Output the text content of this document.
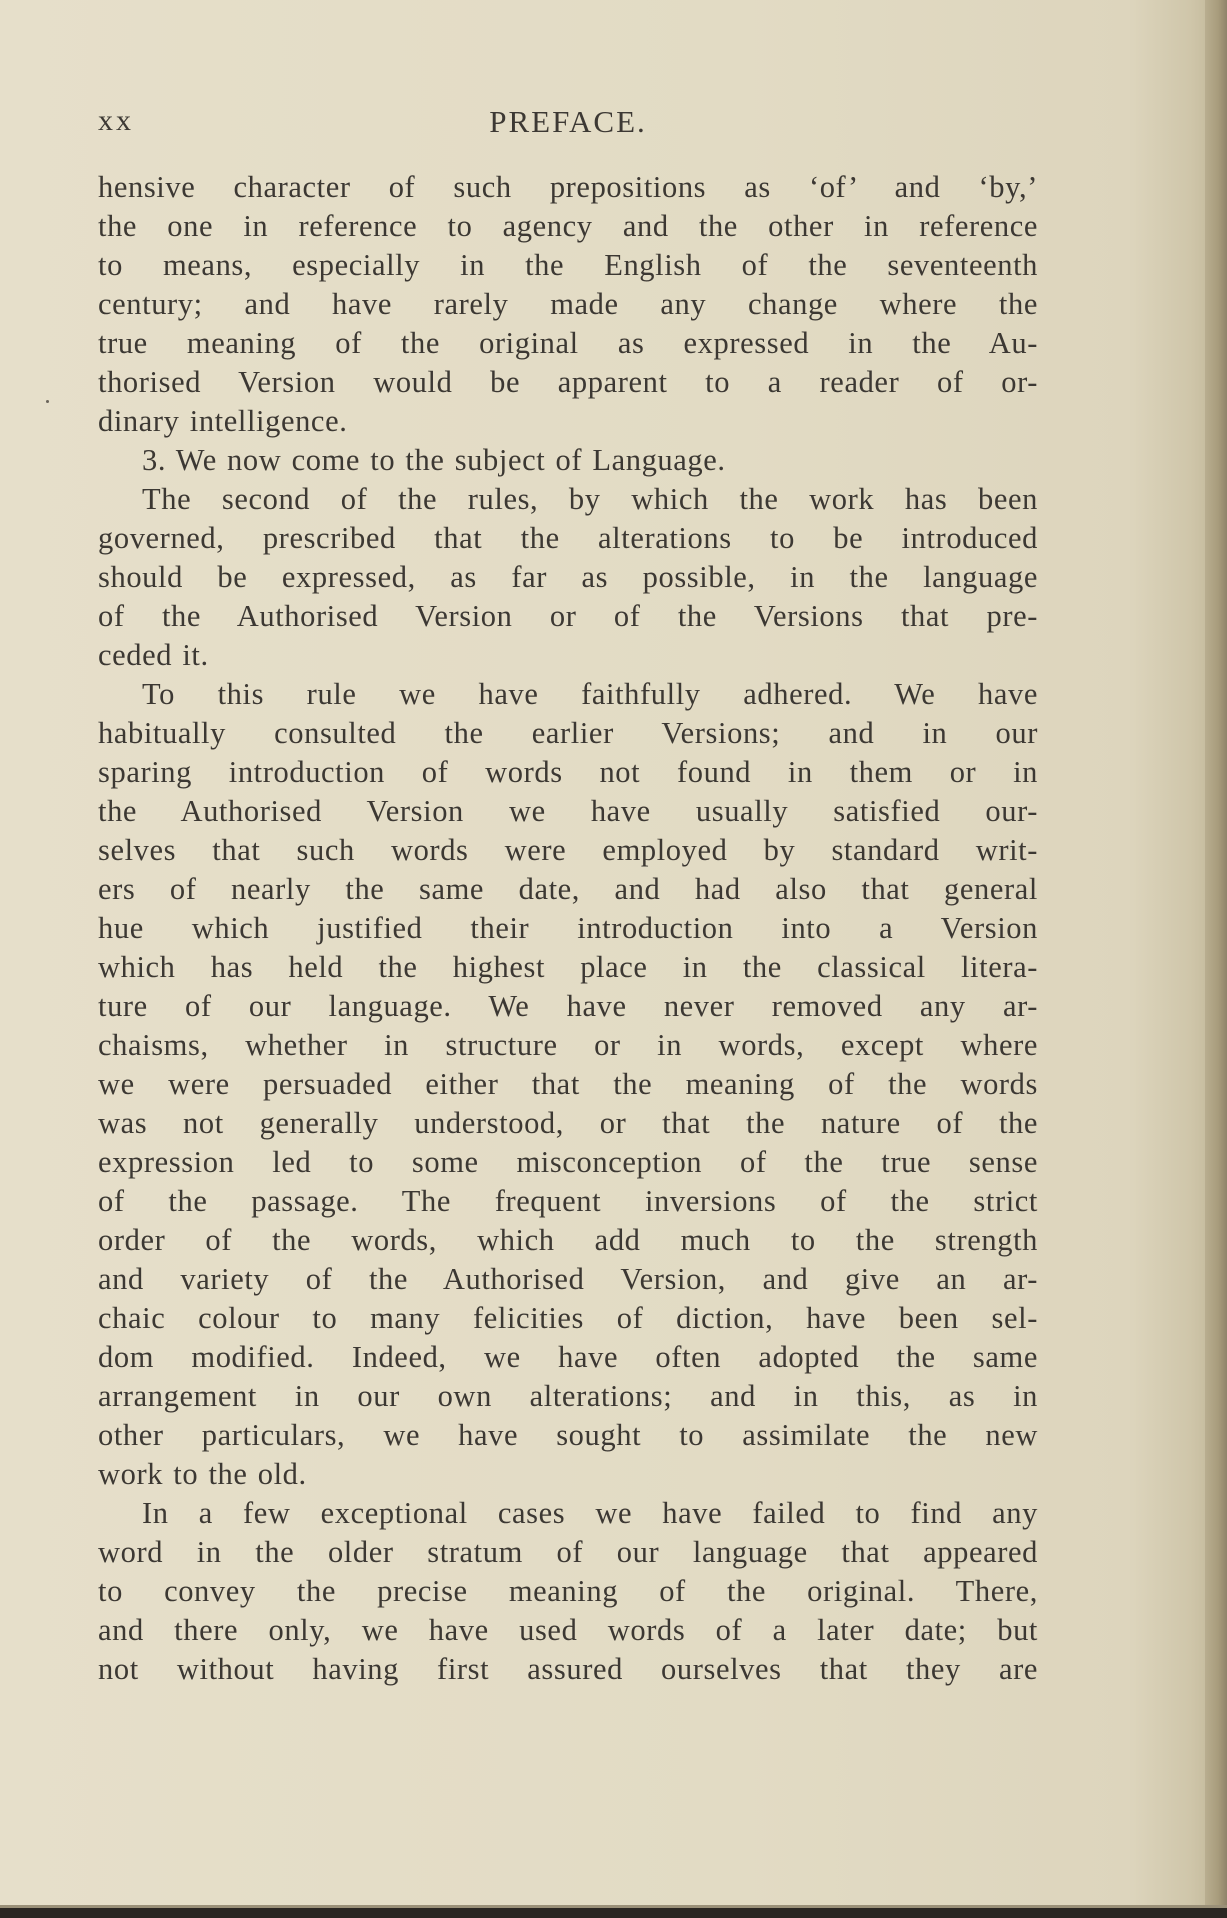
xx	PREFACE.
hensive character of such prepositions as ‘of’ and ‘by,’
the one in reference to agency and the other in reference
to means, especially in the English of the seventeenth
century; and have rarely made any change where the
true meaning of the original as expressed in the Au-
thorised Version would be apparent to a reader of or-
dinary intelligence.
3. We now come to the subject of Language.
The second of the rules, by which the work has been
governed, prescribed that the alterations to be introduced
should be expressed, as far as possible, in the language
of the Authorised Version or of the Versions that pre-
ceded it.
To this rule we have faithfully adhered. We have
habitually consulted the earlier Versions; and in our
sparing introduction of words not found in them or in
the Authorised Version we have usually satisfied our-
selves that such words were employed by standard writ-
ers of nearly the same date, and had also that general
hue which justified their introduction into a Version
which has held the highest place in the classical litera-
ture of our language. We have never removed any ar-
chaisms, whether in structure or in words, except where
we were persuaded either that the meaning of the words
was not generally understood, or that the nature of the
expression led to some misconception of the true sense
of the passage. The frequent inversions of the strict
order of the words, which add much to the strength
and variety of the Authorised Version, and give an ar-
chaic colour to many felicities of diction, have been sel-
dom modified. Indeed, we have often adopted the same
arrangement in our own alterations; and in this, as in
other particulars, we have sought to assimilate the new
work to the old.
In a few exceptional cases we have failed to find any
word in the older stratum of our language that appeared
to convey the precise meaning of the original. There,
and there only, we have used words of a later date; but
not without having first assured ourselves that they are
